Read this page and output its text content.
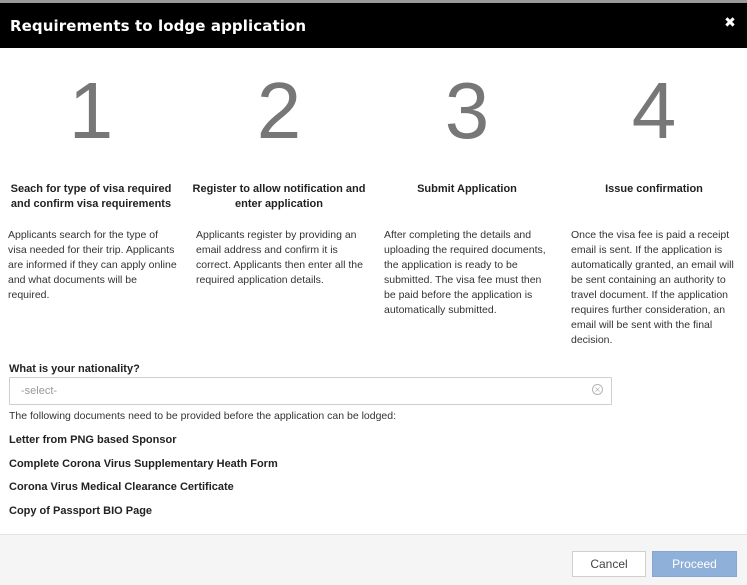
Requirements to lodge application	✖
1
Seach for type of visa required and confirm visa requirements
Applicants search for the type of visa needed for their trip. Applicants are informed if they can apply online and what documents will be required.
2
Register to allow notification and enter application
Applicants register by providing an email address and confirm it is correct. Applicants then enter all the required application details.
3
Submit Application
After completing the details and uploading the required documents, the application is ready to be submitted. The visa fee must then be paid before the application is automatically submitted.
4
Issue confirmation
Once the visa fee is paid a receipt email is sent. If the application is automatically granted, an email will be sent containing an authority to travel document. If the application requires further consideration, an email will be sent with the final decision.
What is your nationality?
-select-	×
The following documents need to be provided before the application can be lodged:
Letter from PNG based Sponsor
Complete Corona Virus Supplementary Heath Form
Corona Virus Medical Clearance Certificate
Copy of Passport BIO Page
Cancel	Proceed
